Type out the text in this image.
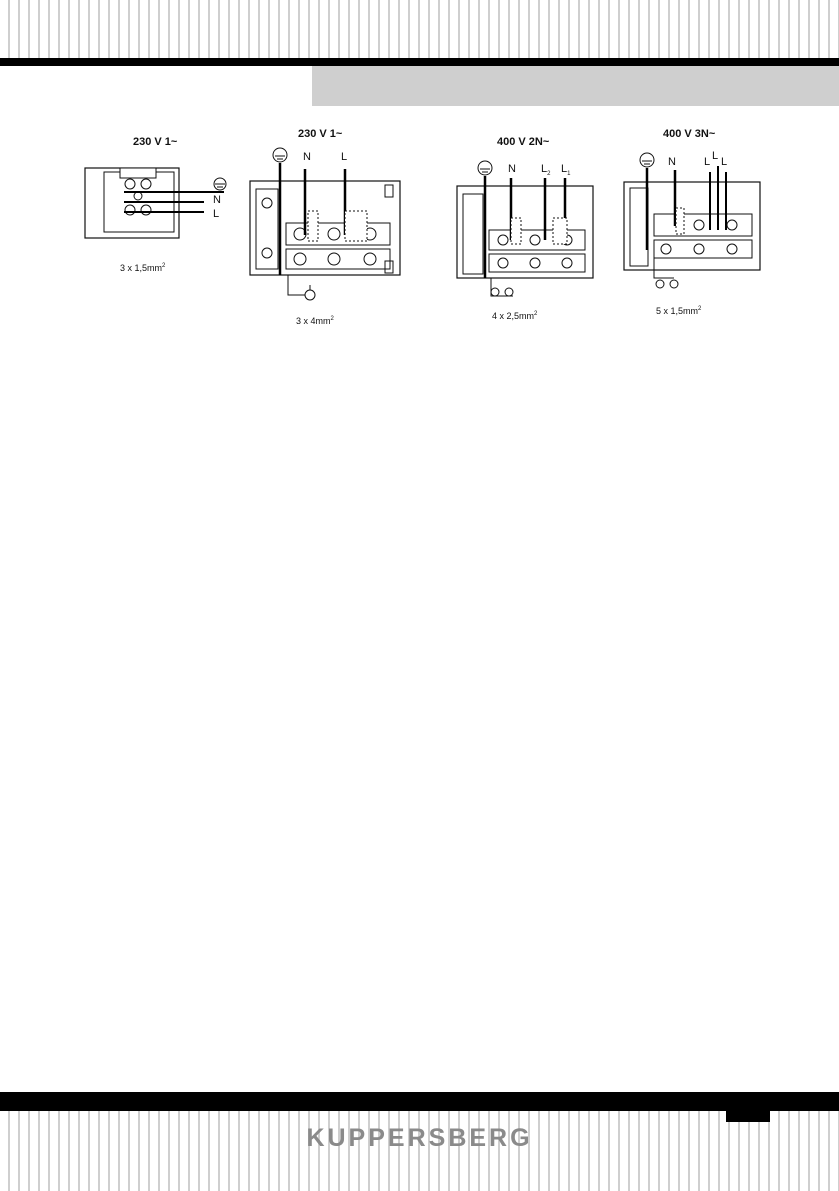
230 V 1~
N
L
3 x $1,5mm^2$
230 V 1~
N	L
3 x $4mm^2$
400 V 2N~
N $L_2$ $L_1$
4 x $2,5mm^2$
400 V 3N~
N	L L L
5 x $1,5mm^2$
KUPPERSBERG
